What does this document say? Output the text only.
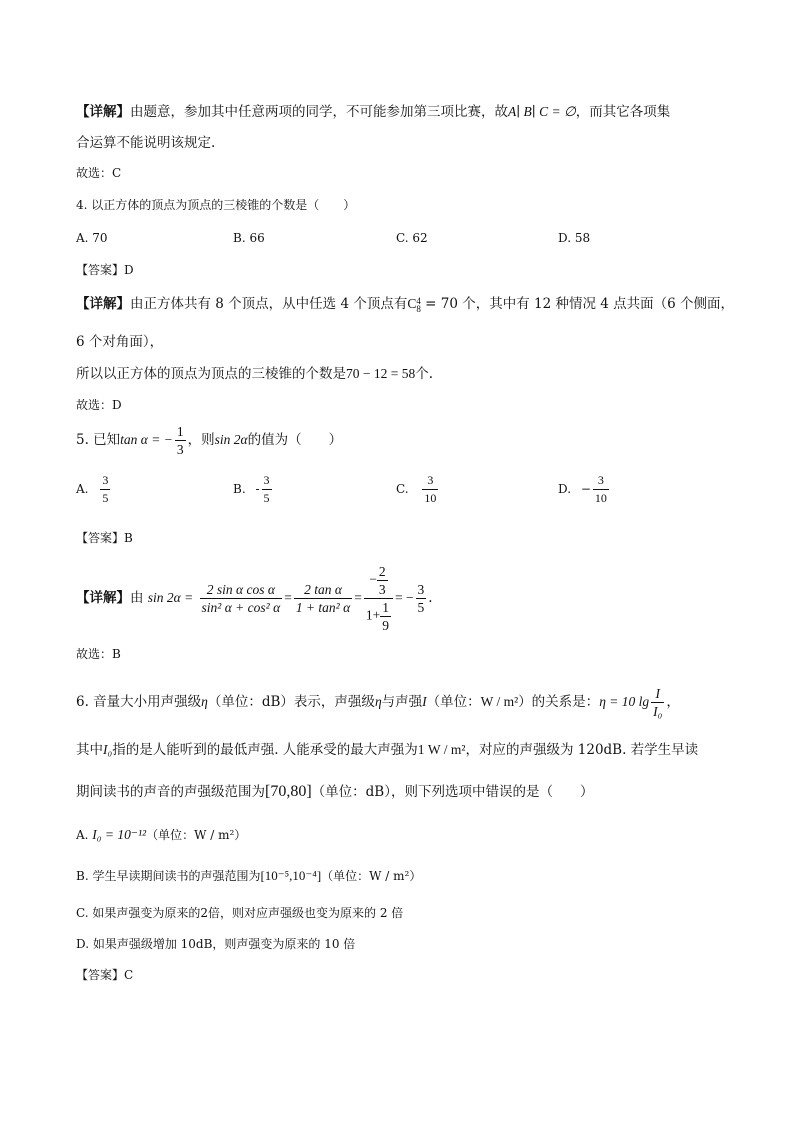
【详解】由题意，参加其中任意两项的同学，不可能参加第三项比赛，故A∣ B∣ C = ∅，而其它各项集
合运算不能说明该规定.
故选：C
4. 以正方体的顶点为顶点的三棱锥的个数是（　　）
A. 70	B. 66	C. 62	D. 58
【答案】D
【详解】由正方体共有 8 个顶点，从中任选 4 个顶点有C 4
8 = 70 个，其中有 12 种情况 4 点共面（6 个侧面，
6 个对角面），
所以以正方体的顶点为顶点的三棱锥的个数是70 − 12 = 58个.
故选：D
5. 已知tan α = − $\frac{1}{3}$ ，则sin 2α的值为（　　）
A. $\frac{3}{5}$	B. - $\frac{3}{5}$	C. $\frac{3}{10}$	D. − $\frac{3}{10}$
【答案】B
【详解】由 $\sin 2\alpha = \frac{\text{2 sin α cos α}}{\text{sin² α + cos² α}} = \frac{\text{2 tan α}}{\text{1 + tan² α}} = \frac{- \frac{2}{3}}{1+ \frac{1}{9}}$ = − $\frac{3}{5}$ .
故选：B
6. 音量大小用声强级η（单位：dB）表示，声强级η与声强I（单位：W / m²）的关系是：η = 10 $\lg \frac{I}{\text{I₀}}$ ，
其中I₀指的是人能听到的最低声强. 人能承受的最大声强为1 W / m²，对应的声强级为 120dB. 若学生早读
期间读书的声音的声强级范围为[70,80]（单位：dB），则下列选项中错误的是（　　）
A. I₀ = 10⁻¹²（单位：W / m²）
B. 学生早读期间读书的声强范围为[10⁻⁵,10⁻⁴]（单位：W / m²）
C. 如果声强变为原来的2倍，则对应声强级也变为原来的 2 倍
D. 如果声强级增加 10dB，则声强变为原来的 10 倍
【答案】C
